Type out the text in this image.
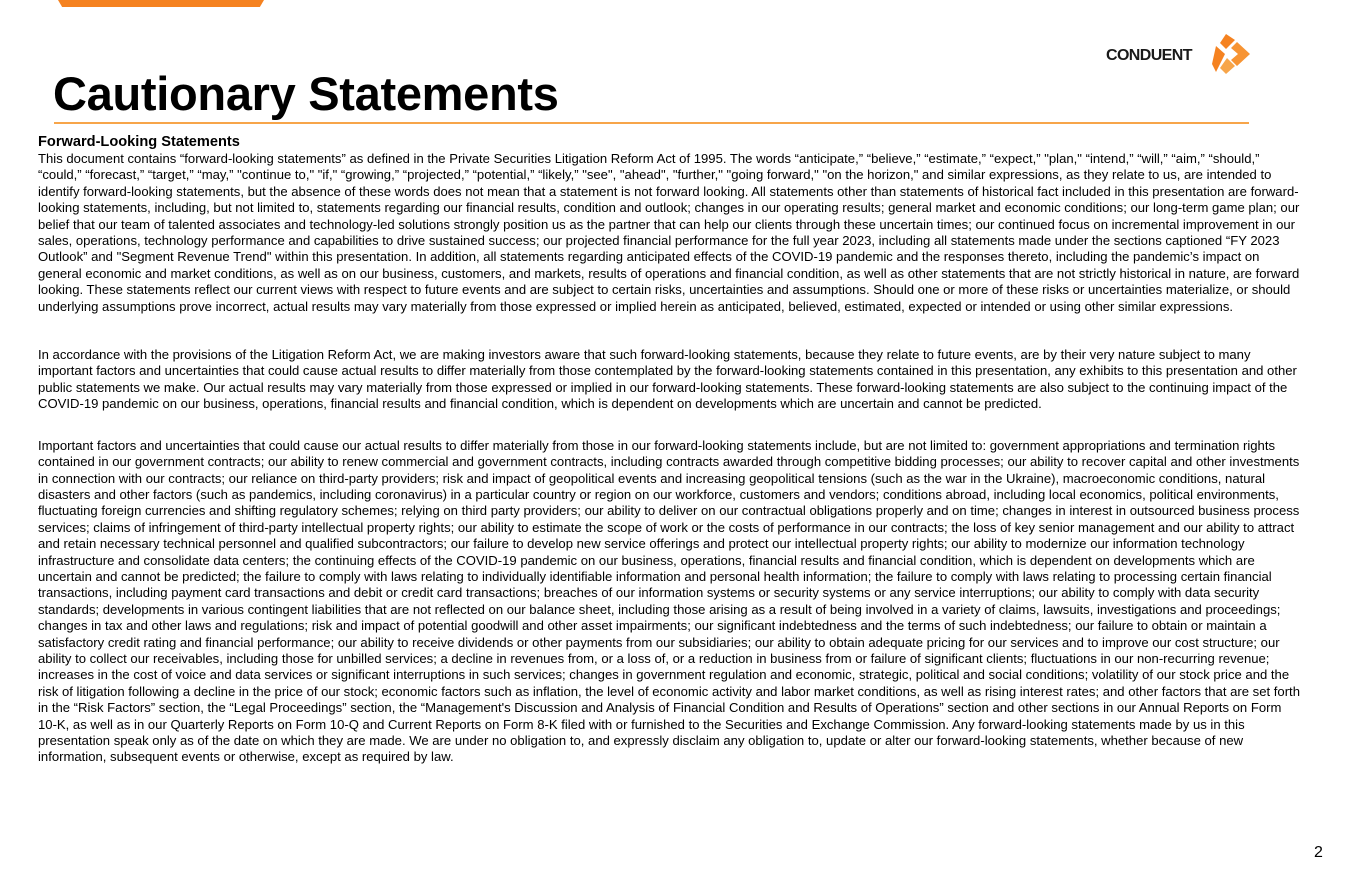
Cautionary Statements
CONDUENT
Forward-Looking Statements

This document contains “forward-looking statements” as defined in the Private Securities Litigation Reform Act of 1995. The words “anticipate,” “believe,” “estimate,” “expect,” "plan," “intend,” “will,” “aim,” “should,” “could,” “forecast,” “target,” “may,” "continue to," "if," “growing,” “projected,” “potential,” “likely,” "see", "ahead", "further," "going forward," "on the horizon," and similar expressions, as they relate to us, are intended to identify forward-looking statements, but the absence of these words does not mean that a statement is not forward looking. All statements other than statements of historical fact included in this presentation are forward-looking statements, including, but not limited to, statements regarding our financial results, condition and outlook; changes in our operating results; general market and economic conditions; our long-term game plan; our belief that our team of talented associates and technology-led solutions strongly position us as the partner that can help our clients through these uncertain times; our continued focus on incremental improvement in our sales, operations, technology performance and capabilities to drive sustained success; our projected financial performance for the full year 2023, including all statements made under the sections captioned “FY 2023 Outlook” and "Segment Revenue Trend" within this presentation. In addition, all statements regarding anticipated effects of the COVID-19 pandemic and the responses thereto, including the pandemic’s impact on general economic and market conditions, as well as on our business, customers, and markets, results of operations and financial condition, as well as other statements that are not strictly historical in nature, are forward looking. These statements reflect our current views with respect to future events and are subject to certain risks, uncertainties and assumptions. Should one or more of these risks or uncertainties materialize, or should underlying assumptions prove incorrect, actual results may vary materially from those expressed or implied herein as anticipated, believed, estimated, expected or intended or using other similar expressions.

In accordance with the provisions of the Litigation Reform Act, we are making investors aware that such forward-looking statements, because they relate to future events, are by their very nature subject to many important factors and uncertainties that could cause actual results to differ materially from those contemplated by the forward-looking statements contained in this presentation, any exhibits to this presentation and other public statements we make. Our actual results may vary materially from those expressed or implied in our forward-looking statements. These forward-looking statements are also subject to the continuing impact of the COVID-19 pandemic on our business, operations, financial results and financial condition, which is dependent on developments which are uncertain and cannot be predicted.

Important factors and uncertainties that could cause our actual results to differ materially from those in our forward-looking statements include, but are not limited to: government appropriations and termination rights contained in our government contracts; our ability to renew commercial and government contracts, including contracts awarded through competitive bidding processes; our ability to recover capital and other investments in connection with our contracts; our reliance on third-party providers; risk and impact of geopolitical events and increasing geopolitical tensions (such as the war in the Ukraine), macroeconomic conditions, natural disasters and other factors (such as pandemics, including coronavirus) in a particular country or region on our workforce, customers and vendors; conditions abroad, including local economics, political environments, fluctuating foreign currencies and shifting regulatory schemes; relying on third party providers; our ability to deliver on our contractual obligations properly and on time; changes in interest in outsourced business process services; claims of infringement of third-party intellectual property rights; our ability to estimate the scope of work or the costs of performance in our contracts; the loss of key senior management and our ability to attract and retain necessary technical personnel and qualified subcontractors; our failure to develop new service offerings and protect our intellectual property rights; our ability to modernize our information technology infrastructure and consolidate data centers; the continuing effects of the COVID-19 pandemic on our business, operations, financial results and financial condition, which is dependent on developments which are uncertain and cannot be predicted; the failure to comply with laws relating to individually identifiable information and personal health information; the failure to comply with laws relating to processing certain financial transactions, including payment card transactions and debit or credit card transactions; breaches of our information systems or security systems or any service interruptions; our ability to comply with data security standards; developments in various contingent liabilities that are not reflected on our balance sheet, including those arising as a result of being involved in a variety of claims, lawsuits, investigations and proceedings; changes in tax and other laws and regulations; risk and impact of potential goodwill and other asset impairments; our significant indebtedness and the terms of such indebtedness; our failure to obtain or maintain a satisfactory credit rating and financial performance; our ability to receive dividends or other payments from our subsidiaries; our ability to obtain adequate pricing for our services and to improve our cost structure; our ability to collect our receivables, including those for unbilled services; a decline in revenues from, or a loss of, or a reduction in business from or failure of significant clients; fluctuations in our non-recurring revenue; increases in the cost of voice and data services or significant interruptions in such services; changes in government regulation and economic, strategic, political and social conditions; volatility of our stock price and the risk of litigation following a decline in the price of our stock; economic factors such as inflation, the level of economic activity and labor market conditions, as well as rising interest rates; and other factors that are set forth in the “Risk Factors” section, the “Legal Proceedings” section, the “Management's Discussion and Analysis of Financial Condition and Results of Operations” section and other sections in our Annual Reports on Form 10-K, as well as in our Quarterly Reports on Form 10-Q and Current Reports on Form 8-K filed with or furnished to the Securities and Exchange Commission. Any forward-looking statements made by us in this presentation speak only as of the date on which they are made. We are under no obligation to, and expressly disclaim any obligation to, update or alter our forward-looking statements, whether because of new information, subsequent events or otherwise, except as required by law.

2
